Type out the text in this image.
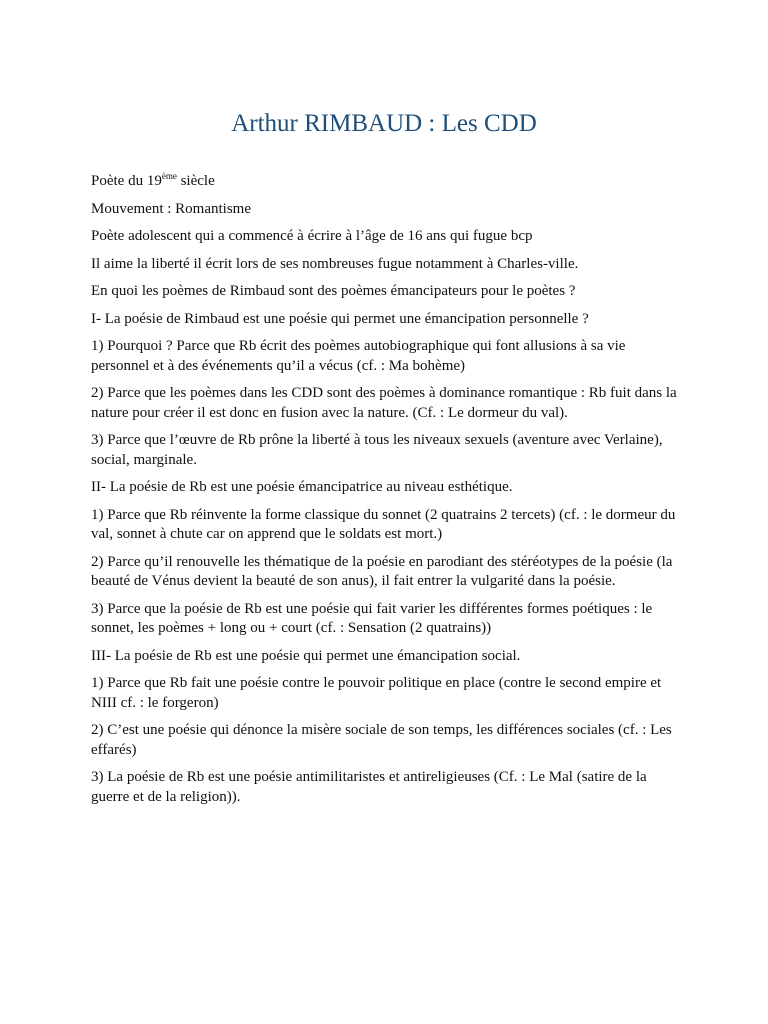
Arthur RIMBAUD : Les CDD

Poète du 19ème siècle

Mouvement : Romantisme

Poète adolescent qui a commencé à écrire à l’âge de 16 ans qui fugue bcp

Il aime la liberté il écrit lors de ses nombreuses fugue notamment à Charles-ville.

En quoi les poèmes de Rimbaud sont des poèmes émancipateurs pour le poètes ?

I- La poésie de Rimbaud est une poésie qui permet une émancipation personnelle ?

1) Pourquoi ? Parce que Rb écrit des poèmes autobiographique qui font allusions à sa vie personnel et à des événements qu’il a vécus (cf. : Ma bohème)

2) Parce que les poèmes dans les CDD sont des poèmes à dominance romantique : Rb fuit dans la nature pour créer il est donc en fusion avec la nature. (Cf. : Le dormeur du val).

3) Parce que l’œuvre de Rb prône la liberté à tous les niveaux sexuels (aventure avec Verlaine), social, marginale.

II- La poésie de Rb est une poésie émancipatrice au niveau esthétique.

1) Parce que Rb réinvente la forme classique du sonnet (2 quatrains 2 tercets) (cf. : le dormeur du val, sonnet à chute car on apprend que le soldats est mort.)

2) Parce qu’il renouvelle les thématique de la poésie en parodiant des stéréotypes de la poésie (la beauté de Vénus devient la beauté de son anus), il fait entrer la vulgarité dans la poésie.

3) Parce que la poésie de Rb est une poésie qui fait varier les différentes formes poétiques : le sonnet, les poèmes + long ou + court (cf. : Sensation (2 quatrains))

III- La poésie de Rb est une poésie qui permet une émancipation social.

1) Parce que Rb fait une poésie contre le pouvoir politique en place (contre le second empire et NIII cf. : le forgeron)

2) C’est une poésie qui dénonce la misère sociale de son temps, les différences sociales (cf. : Les effarés)

3) La poésie de Rb est une poésie antimilitaristes et antireligieuses (Cf. : Le Mal (satire de la guerre et de la religion)).
